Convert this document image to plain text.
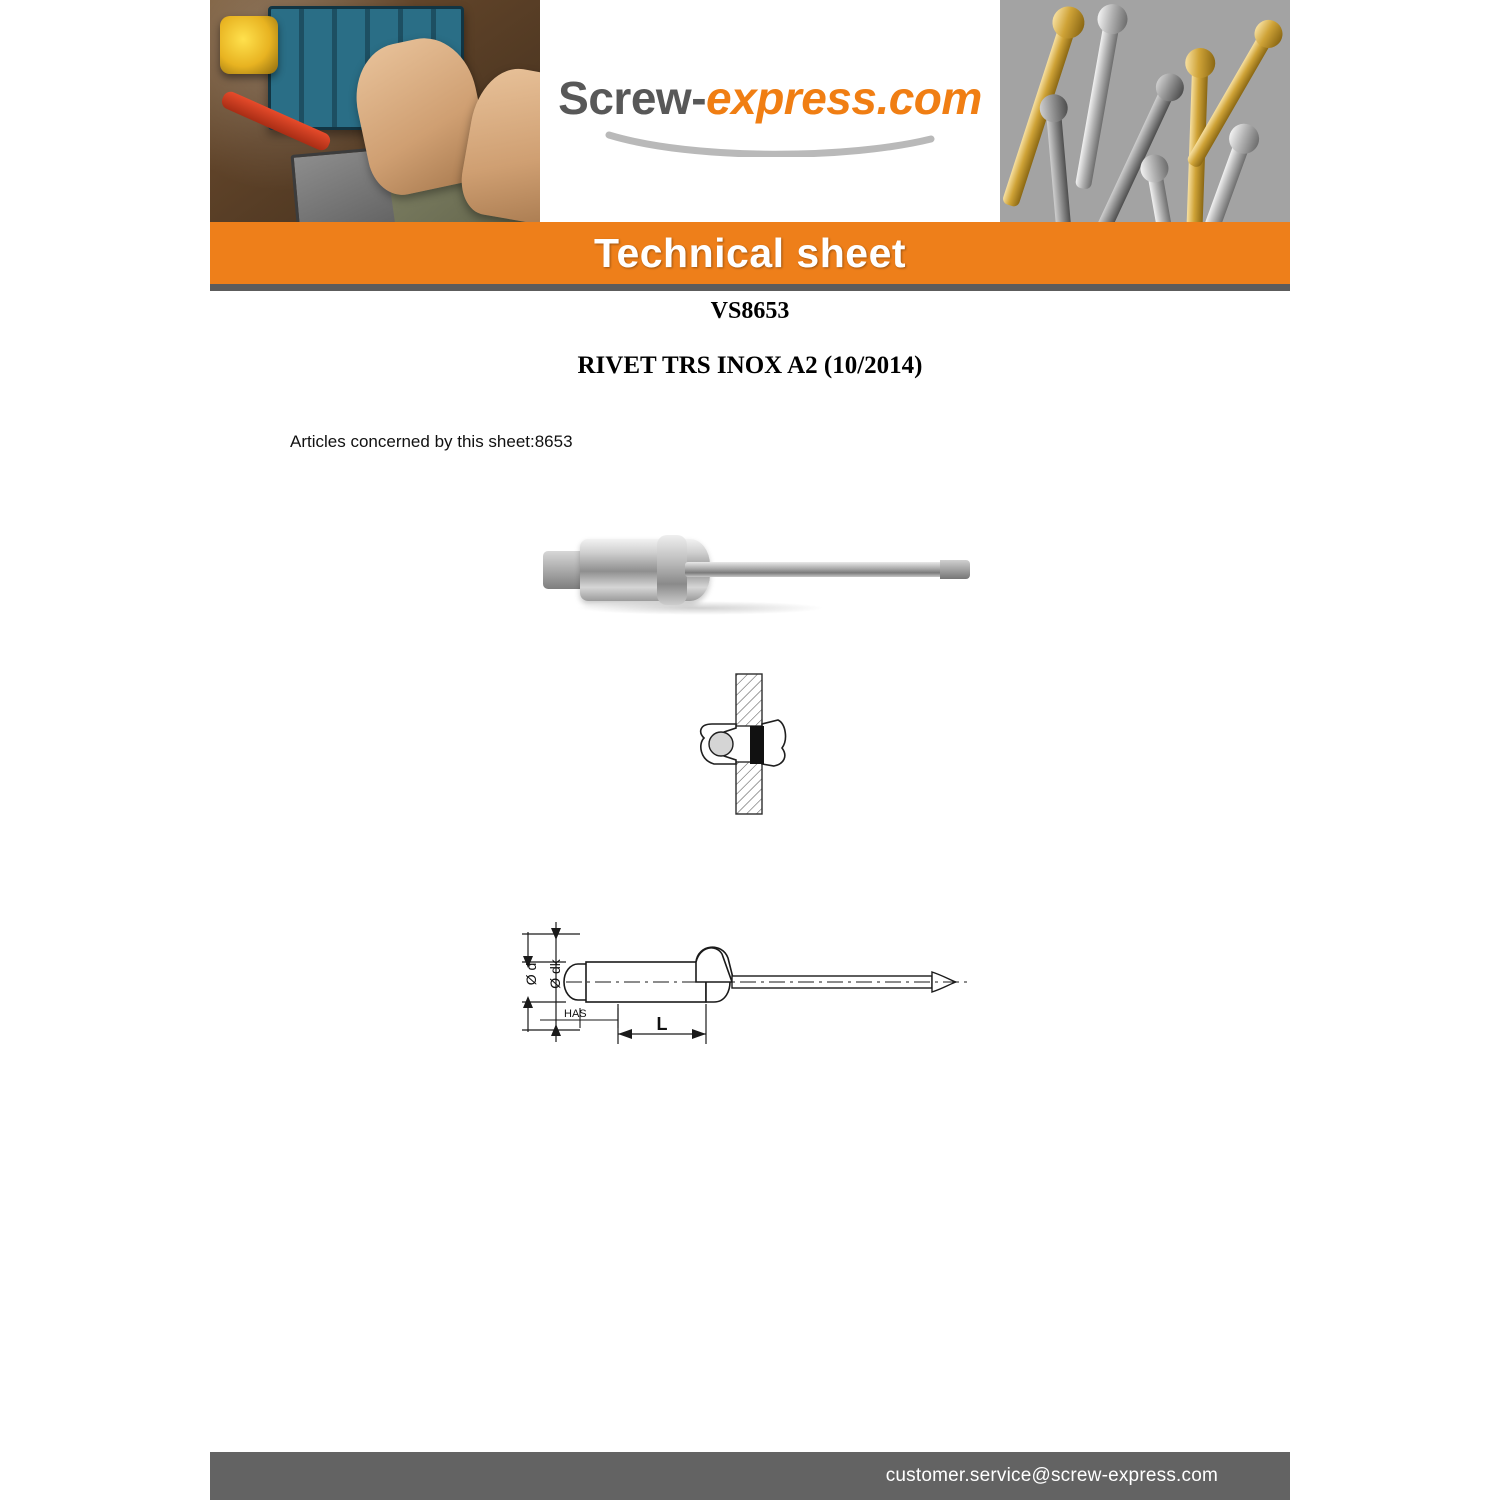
Screw-express.com
Technical sheet
VS8653
RIVET TRS INOX A2 (10/2014)
Articles concerned by this sheet:8653
Ø d Ø dk
HAS	L
customer.service@screw-express.com
